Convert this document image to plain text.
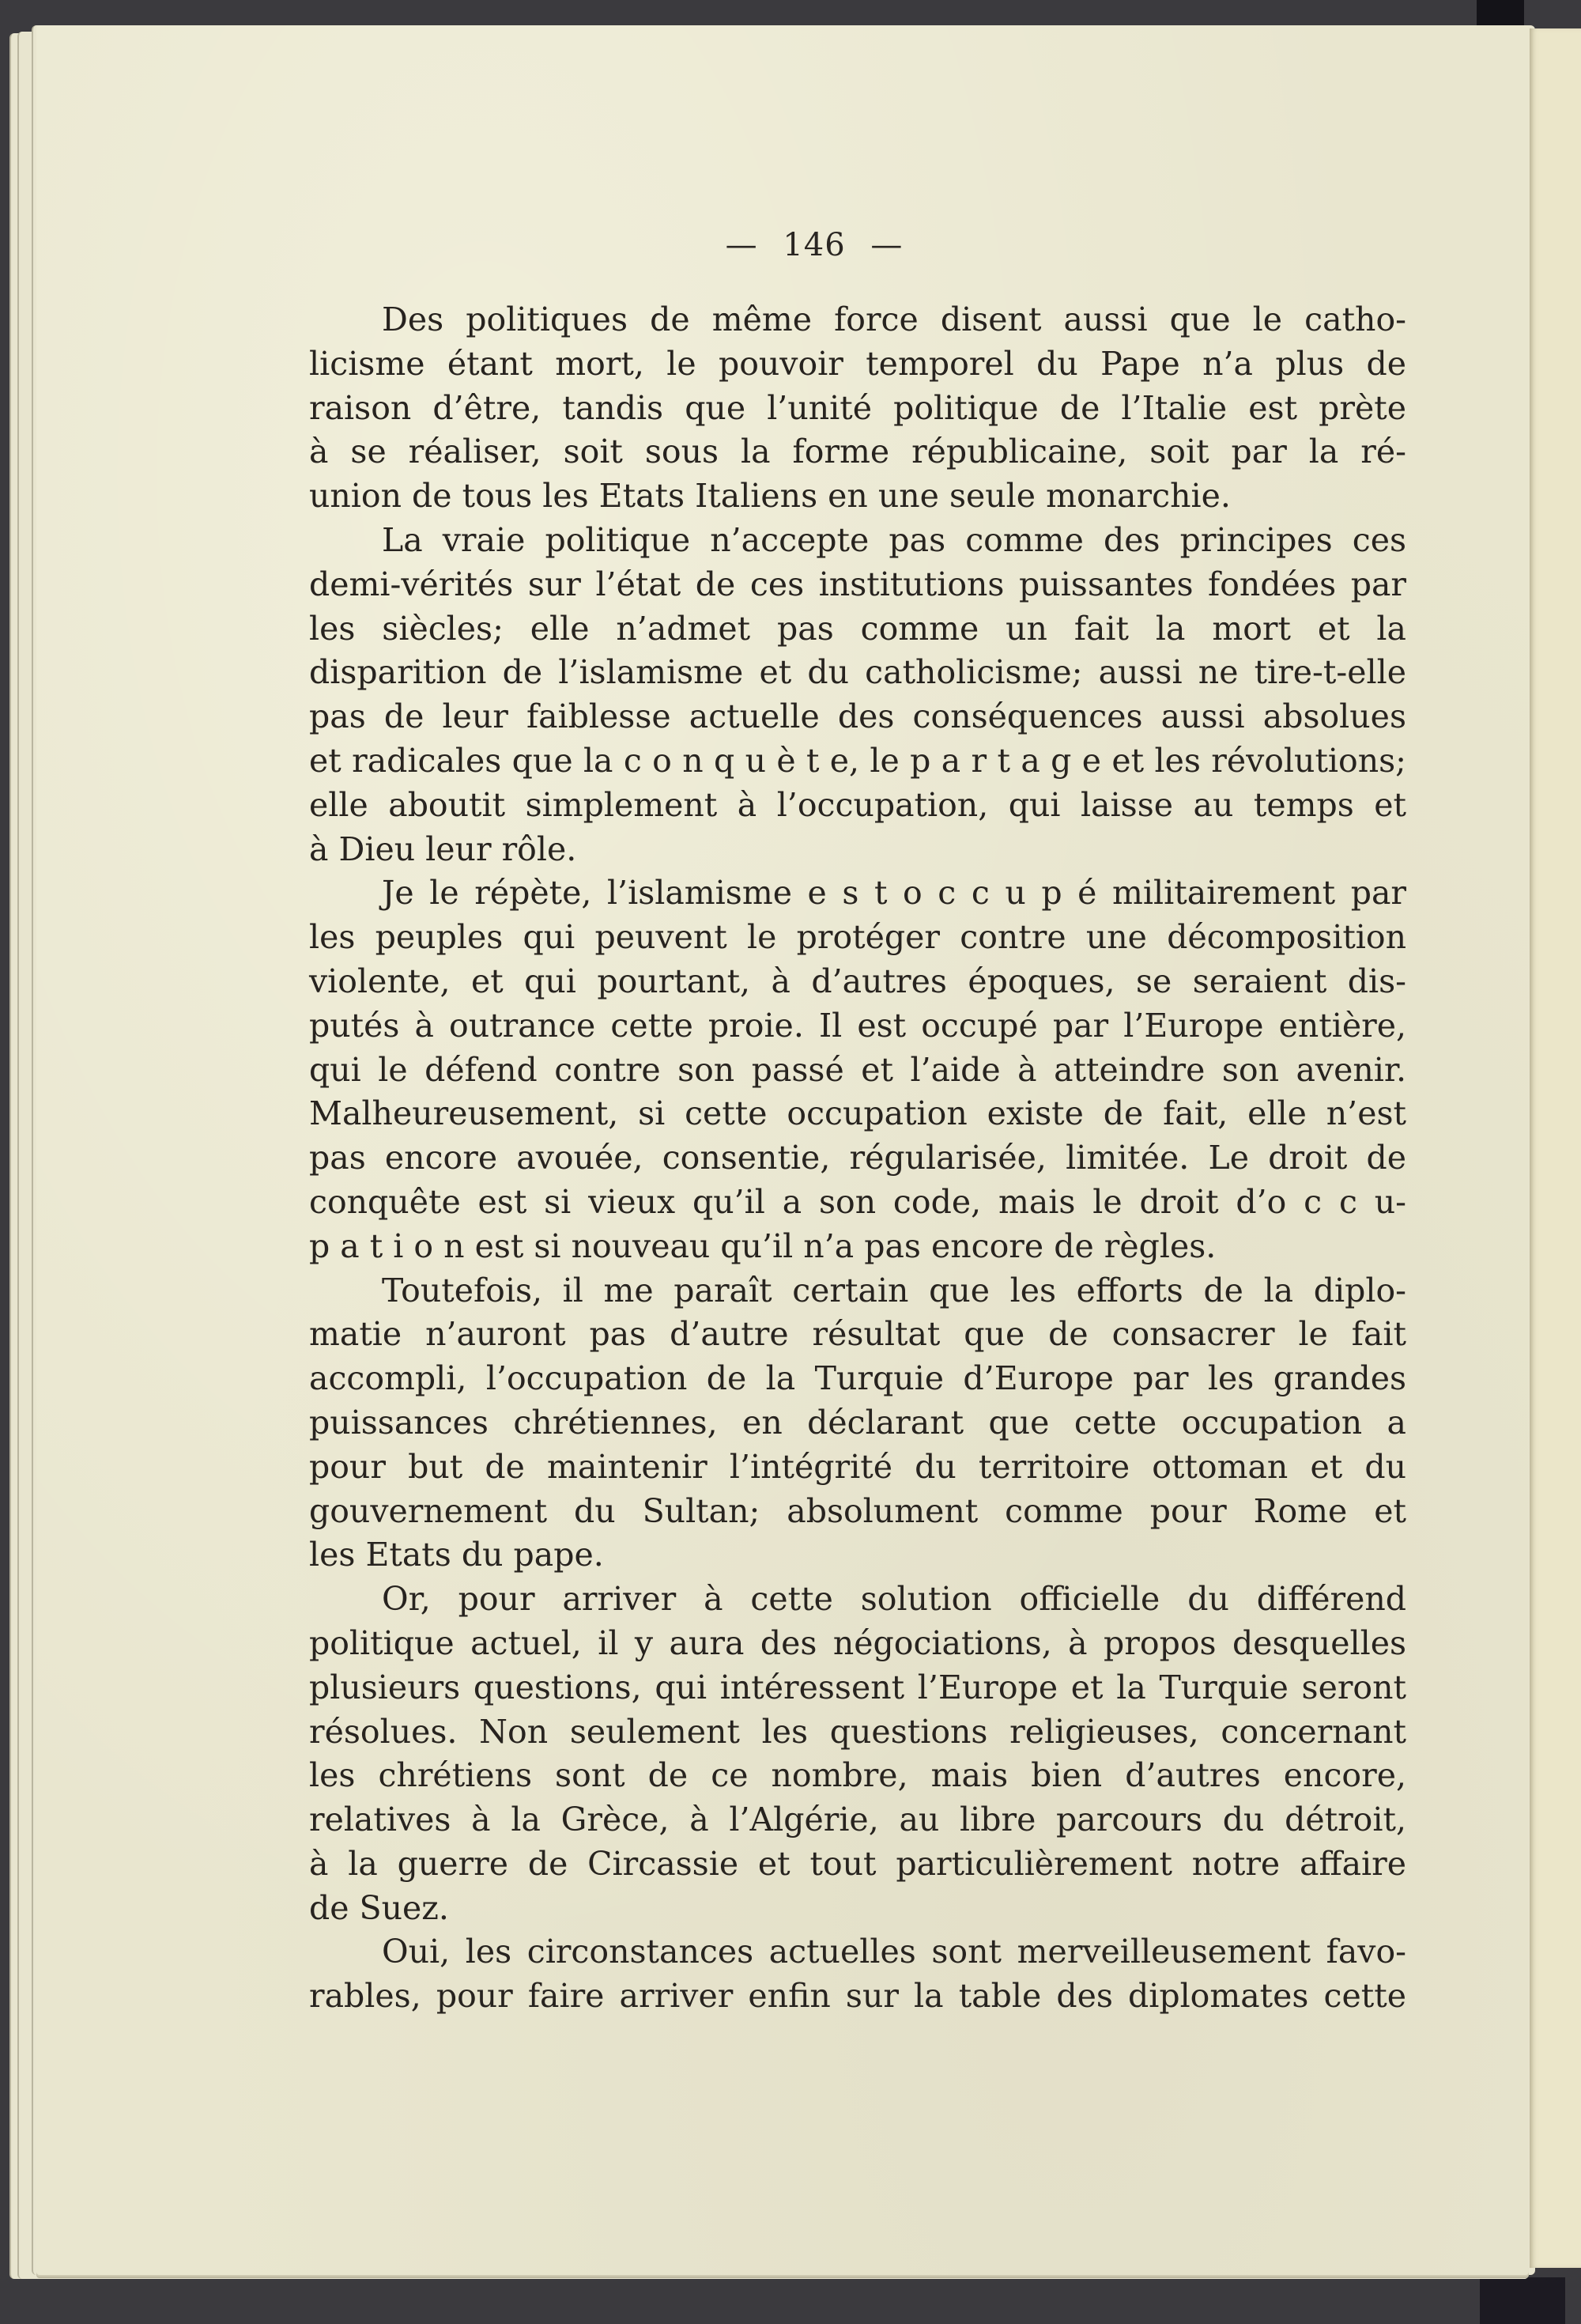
— 146 —
Des politiques de même force disent aussi que le catho-
licisme étant mort, le pouvoir temporel du Pape n’a plus de
raison d’être, tandis que l’unité politique de l’Italie est prète
à se réaliser, soit sous la forme républicaine, soit par la ré-
union de tous les Etats Italiens en une seule monarchie.
La vraie politique n’accepte pas comme des principes ces
demi-vérités sur l’état de ces institutions puissantes fondées par
les siècles; elle n’admet pas comme un fait la mort et la
disparition de l’islamisme et du catholicisme; aussi ne tire-t-elle
pas de leur faiblesse actuelle des conséquences aussi absolues
et radicales que la c o n q u è t e, le p a r t a g e et les révolutions;
elle aboutit simplement à l’occupation, qui laisse au temps et
à Dieu leur rôle.
Je le répète, l’islamisme e s t o c c u p é militairement par
les peuples qui peuvent le protéger contre une décomposition
violente, et qui pourtant, à d’autres époques, se seraient dis-
putés à outrance cette proie. Il est occupé par l’Europe entière,
qui le défend contre son passé et l’aide à atteindre son avenir.
Malheureusement, si cette occupation existe de fait, elle n’est
pas encore avouée, consentie, régularisée, limitée. Le droit de
conquête est si vieux qu’il a son code, mais le droit d’o c c u-
p a t i o n est si nouveau qu’il n’a pas encore de règles.
Toutefois, il me paraît certain que les efforts de la diplo-
matie n’auront pas d’autre résultat que de consacrer le fait
accompli, l’occupation de la Turquie d’Europe par les grandes
puissances chrétiennes, en déclarant que cette occupation a
pour but de maintenir l’intégrité du territoire ottoman et du
gouvernement du Sultan; absolument comme pour Rome et
les Etats du pape.
Or, pour arriver à cette solution officielle du différend
politique actuel, il y aura des négociations, à propos desquelles
plusieurs questions, qui intéressent l’Europe et la Turquie seront
résolues. Non seulement les questions religieuses, concernant
les chrétiens sont de ce nombre, mais bien d’autres encore,
relatives à la Grèce, à l’Algérie, au libre parcours du détroit,
à la guerre de Circassie et tout particulièrement notre affaire
de Suez.
Oui, les circonstances actuelles sont merveilleusement favo-
rables, pour faire arriver enfin sur la table des diplomates cette
